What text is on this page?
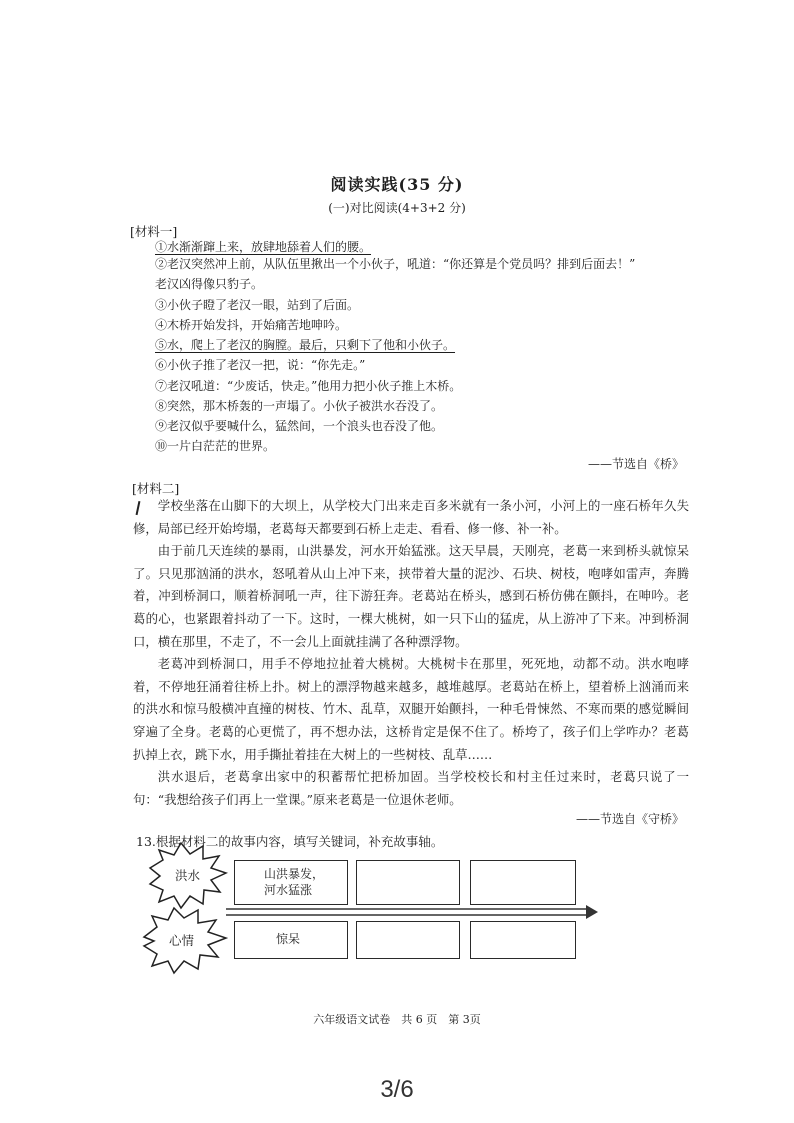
阅读实践(35 分)
(一)对比阅读(4+3+2 分)
[材料一]
①水渐渐蹿上来，放肆地舔着人们的腰。
②老汉突然冲上前，从队伍里揪出一个小伙子，吼道：“你还算是个党员吗？排到后面去！”
老汉凶得像只豹子。
③小伙子瞪了老汉一眼，站到了后面。
④木桥开始发抖，开始痛苦地呻吟。
⑤水，爬上了老汉的胸膛。最后，只剩下了他和小伙子。
⑥小伙子推了老汉一把，说：“你先走。”
⑦老汉吼道：“少废话，快走。”他用力把小伙子推上木桥。
⑧突然，那木桥轰的一声塌了。小伙子被洪水吞没了。
⑨老汉似乎要喊什么，猛然间，一个浪头也吞没了他。
⑩一片白茫茫的世界。
——节选自《桥》
[材料二]
学校坐落在山脚下的大坝上，从学校大门出来走百多米就有一条小河，小河上的一座石桥年久失修，局部已经开始垮塌，老葛每天都要到石桥上走走、看看、修一修、补一补。
由于前几天连续的暴雨，山洪暴发，河水开始猛涨。这天早晨，天刚亮，老葛一来到桥头就惊呆了。只见那汹涌的洪水，怒吼着从山上冲下来，挟带着大量的泥沙、石块、树枝，咆哮如雷声，奔腾着，冲到桥洞口，顺着桥洞吼一声，往下游狂奔。老葛站在桥头，感到石桥仿佛在颤抖，在呻吟。老葛的心，也紧跟着抖动了一下。这时，一棵大桃树，如一只下山的猛虎，从上游冲了下来。冲到桥洞口，横在那里，不走了，不一会儿上面就挂满了各种漂浮物。
老葛冲到桥洞口，用手不停地拉扯着大桃树。大桃树卡在那里，死死地，动都不动。洪水咆哮着，不停地狂涌着往桥上扑。树上的漂浮物越来越多，越堆越厚。老葛站在桥上，望着桥上汹涌而来的洪水和惊马般横冲直撞的树枝、竹木、乱草，双腿开始颤抖，一种毛骨悚然、不寒而栗的感觉瞬间穿遍了全身。老葛的心更慌了，再不想办法，这桥肯定是保不住了。桥垮了，孩子们上学咋办？老葛扒掉上衣，跳下水，用手撕扯着挂在大树上的一些树枝、乱草……
洪水退后，老葛拿出家中的积蓄帮忙把桥加固。当学校校长和村主任过来时，老葛只说了一句：“我想给孩子们再上一堂课。”原来老葛是一位退休老师。
——节选自《守桥》
13.根据材料二的故事内容，填写关键词，补充故事轴。
洪水
心情
山洪暴发，
河水猛涨
惊呆
六年级语文试卷　共 6 页　第 3页
3/6
